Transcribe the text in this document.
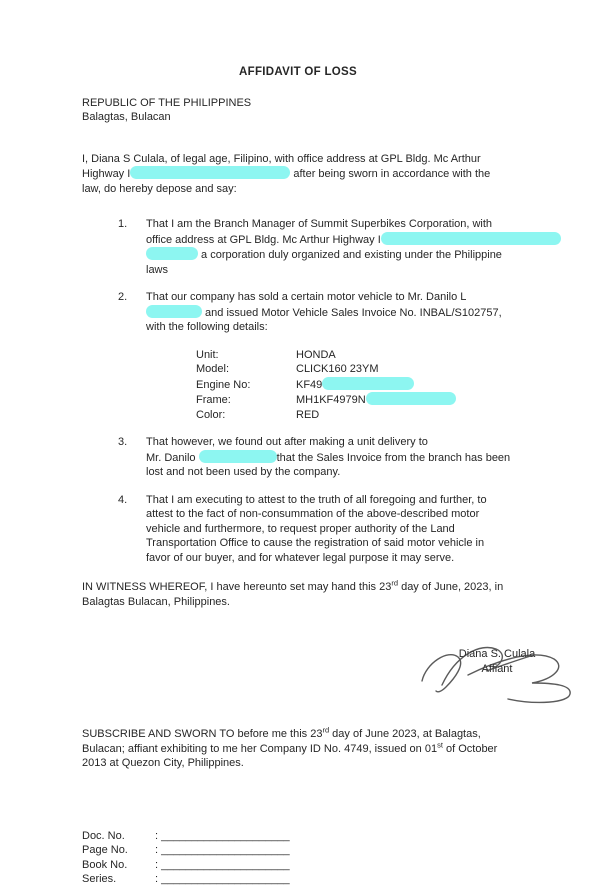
AFFIDAVIT OF LOSS
REPUBLIC OF THE PHILIPPINES
Balagtas, Bulacan
I, Diana S Culala, of legal age, Filipino, with office address at GPL Bldg. Mc Arthur
Highway I	after being sworn in accordance with the
law, do hereby depose and say:
1.	That I am the Branch Manager of Summit Superbikes Corporation, with
office address at GPL Bldg. Mc Arthur Highway I
a corporation duly organized and existing under the Philippine
laws
2.	That our company has sold a certain motor vehicle to Mr. Danilo L
and issued Motor Vehicle Sales Invoice No. INBAL/S102757,
with the following details:
Unit:	HONDA
Model:	CLICK160 23YM
Engine No:	KF49
Frame:	MH1KF4979N
Color:	RED
3.	That however, we found out after making a unit delivery to
Mr. Danilo	that the Sales Invoice from the branch has been
lost and not been used by the company.
4.	That I am executing to attest to the truth of all foregoing and further, to
attest to the fact of non-consummation of the above-described motor
vehicle and furthermore, to request proper authority of the Land
Transportation Office to cause the registration of said motor vehicle in
favor of our buyer, and for whatever legal purpose it may serve.
IN WITNESS WHEREOF, I have hereunto set may hand this 23rd day of June, 2023, in
Balagtas Bulacan, Philippines.
Diana S. Culala
Affiant
SUBSCRIBE AND SWORN TO before me this 23rd day of June 2023, at Balagtas,
Bulacan; affiant exhibiting to me her Company ID No. 4749, issued on 01st of October
2013 at Quezon City, Philippines.
Doc. No.	: _____________________
Page No.	: _____________________
Book No.	: _____________________
Series.	: _____________________
